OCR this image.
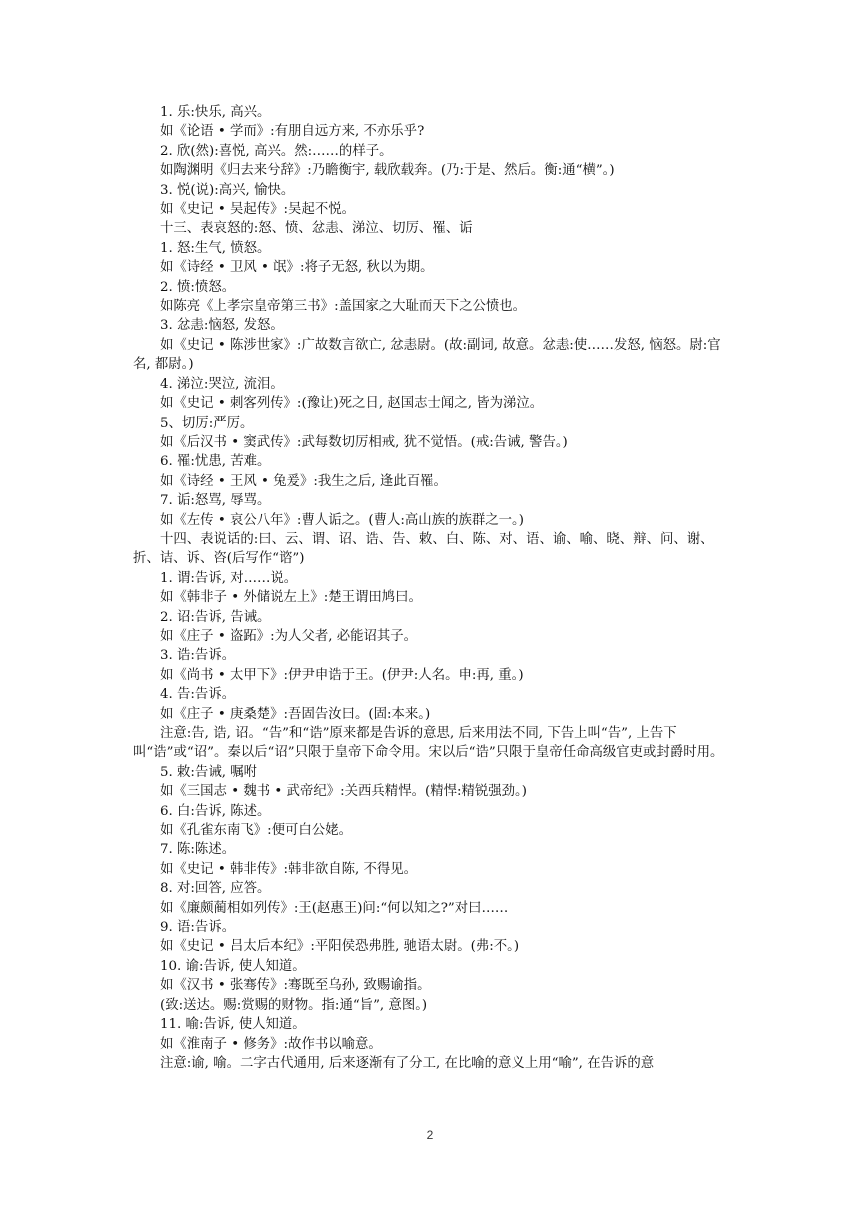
1. 乐:快乐, 高兴。

如《论语 • 学而》:有朋自远方来, 不亦乐乎?

2. 欣(然):喜悦, 高兴。然:……的样子。

如陶渊明《归去来兮辞》:乃瞻衡宇, 载欣载奔。(乃:于是、然后。衡:通“横”。)

3. 悦(说):高兴, 愉快。

如《史记 • 吴起传》:吴起不悦。

十三、表哀怒的:怒、愤、忿恚、涕泣、切厉、罹、诟

1. 怒:生气, 愤怒。

如《诗经 • 卫风 • 氓》:将子无怒, 秋以为期。

2. 愤:愤怒。

如陈亮《上孝宗皇帝第三书》:盖国家之大耻而天下之公愤也。

3. 忿恚:恼怒, 发怒。

如《史记 • 陈涉世家》:广故数言欲亡, 忿恚尉。(故:副词, 故意。忿恚:使……发怒, 恼怒。尉:官名, 都尉。)

4. 涕泣:哭泣, 流泪。

如《史记 • 刺客列传》:(豫让)死之日, 赵国志士闻之, 皆为涕泣。

5、切厉:严厉。

如《后汉书 • 窦武传》:武每数切厉相戒, 犹不觉悟。(戒:告诫, 警告。)

6. 罹:忧患, 苦难。

如《诗经 • 王风 • 兔爰》:我生之后, 逢此百罹。

7. 诟:怒骂, 辱骂。

如《左传 • 哀公八年》:曹人诟之。(曹人:高山族的族群之一。)

十四、表说话的:曰、云、谓、诏、诰、告、敕、白、陈、对、语、谕、喻、晓、辩、问、谢、折、诘、诉、咨(后写作“谘”)

1. 谓:告诉, 对……说。

如《韩非子 • 外储说左上》:楚王谓田鸠曰。

2. 诏:告诉, 告诫。

如《庄子 • 盗跖》:为人父者, 必能诏其子。

3. 诰:告诉。

如《尚书 • 太甲下》:伊尹申诰于王。(伊尹:人名。申:再, 重。)

4. 告:告诉。

如《庄子 • 庚桑楚》:吾固告汝曰。(固:本来。)

注意:告, 诰, 诏。“告”和“诰”原来都是告诉的意思, 后来用法不同, 下告上叫“告”, 上告下叫“诰”或“诏”。秦以后“诏”只限于皇帝下命令用。宋以后“诰”只限于皇帝任命高级官吏或封爵时用。

5. 敕:告诫, 嘱咐

如《三国志 • 魏书 • 武帝纪》:关西兵精悍。(精悍:精锐强劲。)

6. 白:告诉, 陈述。

如《孔雀东南飞》:便可白公姥。

7. 陈:陈述。

如《史记 • 韩非传》:韩非欲自陈, 不得见。

8. 对:回答, 应答。

如《廉颇蔺相如列传》:王(赵惠王)问:“何以知之?”对曰……

9. 语:告诉。

如《史记 • 吕太后本纪》:平阳侯恐弗胜, 驰语太尉。(弗:不。)

10. 谕:告诉, 使人知道。

如《汉书 • 张骞传》:骞既至乌孙, 致赐谕指。

(致:送达。赐:赏赐的财物。指:通“旨”, 意图。)

11. 喻:告诉, 使人知道。

如《淮南子 • 修务》:故作书以喻意。

注意:谕, 喻。二字古代通用, 后来逐渐有了分工, 在比喻的意义上用“喻”, 在告诉的意

2
